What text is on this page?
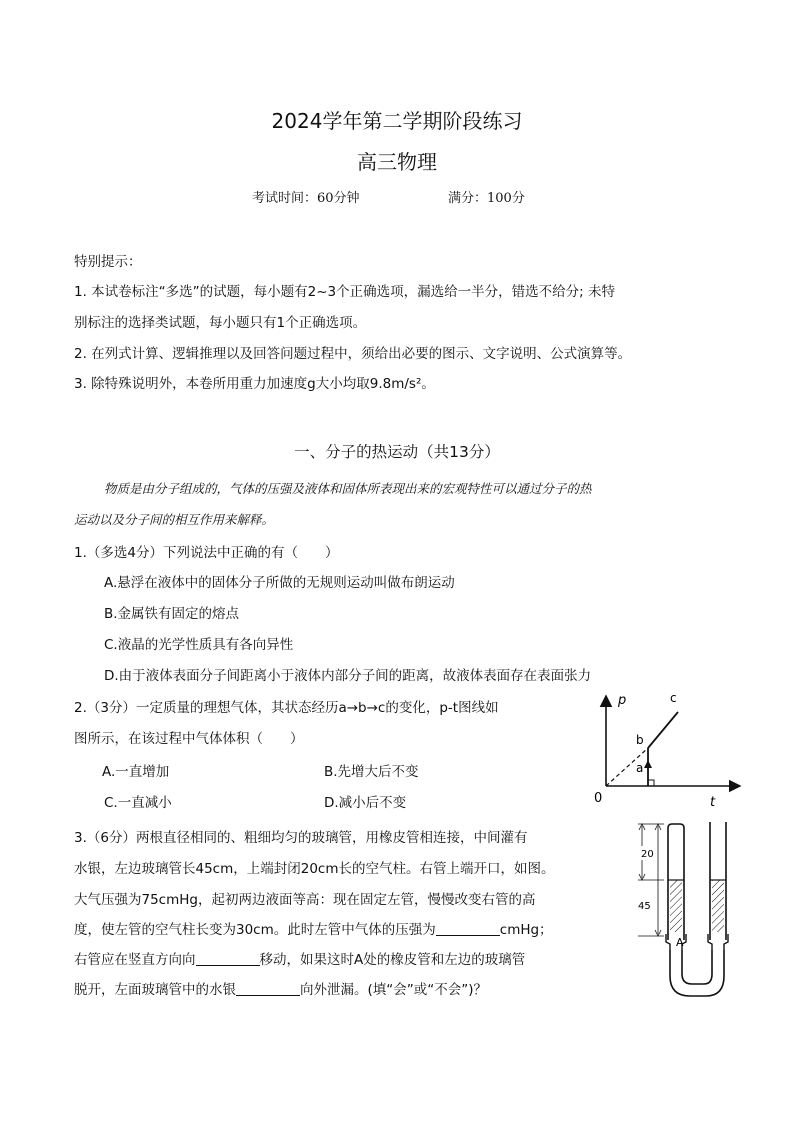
2024学年第二学期阶段练习
高三物理
考试时间：60分钟	满分：100分
特别提示：
1. 本试卷标注“多选”的试题，每小题有2~3个正确选项，漏选给一半分，错选不给分; 未特
别标注的选择类试题，每小题只有1个正确选项。
2. 在列式计算、逻辑推理以及回答问题过程中，须给出必要的图示、文字说明、公式演算等。
3. 除特殊说明外，本卷所用重力加速度g大小均取9.8m/s²。
一、分子的热运动（共13分）
物质是由分子组成的，气体的压强及液体和固体所表现出来的宏观特性可以通过分子的热
运动以及分子间的相互作用来解释。
1.（多选4分）下列说法中正确的有（　　）
A.悬浮在液体中的固体分子所做的无规则运动叫做布朗运动
B.金属铁有固定的熔点
C.液晶的光学性质具有各向异性
D.由于液体表面分子间距离小于液体内部分子间的距离，故液体表面存在表面张力
2.（3分）一定质量的理想气体，其状态经历a→b→c的变化，p-t图线如
图所示，在该过程中气体体积（　　）
A.一直增加	B.先增大后不变
C.一直减小	D.减小后不变
p
t
0
a
b
c
3.（6分）两根直径相同的、粗细均匀的玻璃管，用橡皮管相连接，中间灌有
水银，左边玻璃管长45cm，上端封闭20cm长的空气柱。右管上端开口，如图。
大气压强为75cmHg，起初两边液面等高：现在固定左管，慢慢改变右管的高
度，使左管的空气柱长变为30cm。此时左管中气体的压强为	cmHg；
右管应在竖直方向向	移动，如果这时A处的橡皮管和左边的玻璃管
脱开，左面玻璃管中的水银	向外泄漏。(填“会”或“不会”)？
20
45
A
